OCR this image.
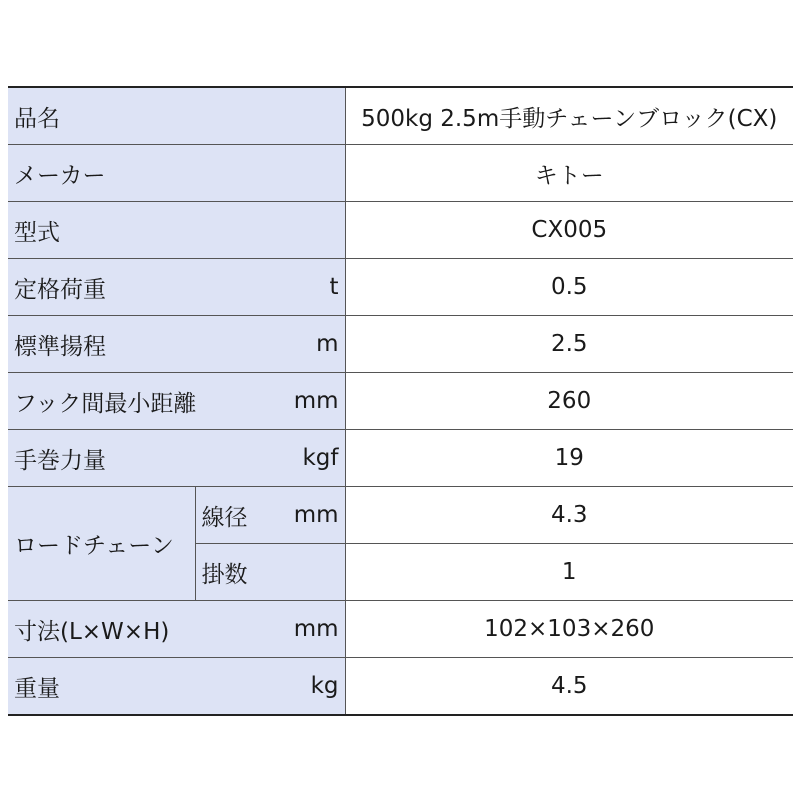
品名			500kg 2.5m手動チェーンブロック(CX)
メーカー			キトー
型式			CX005
定格荷重		t	0.5
標準揚程		m	2.5
フック間最小距離		mm	260
手巻力量		kgf	19
ロードチェーン	線径	mm	4.3
	掛数		1
寸法(L×W×H)		mm	102×103×260
重量		kg	4.5
